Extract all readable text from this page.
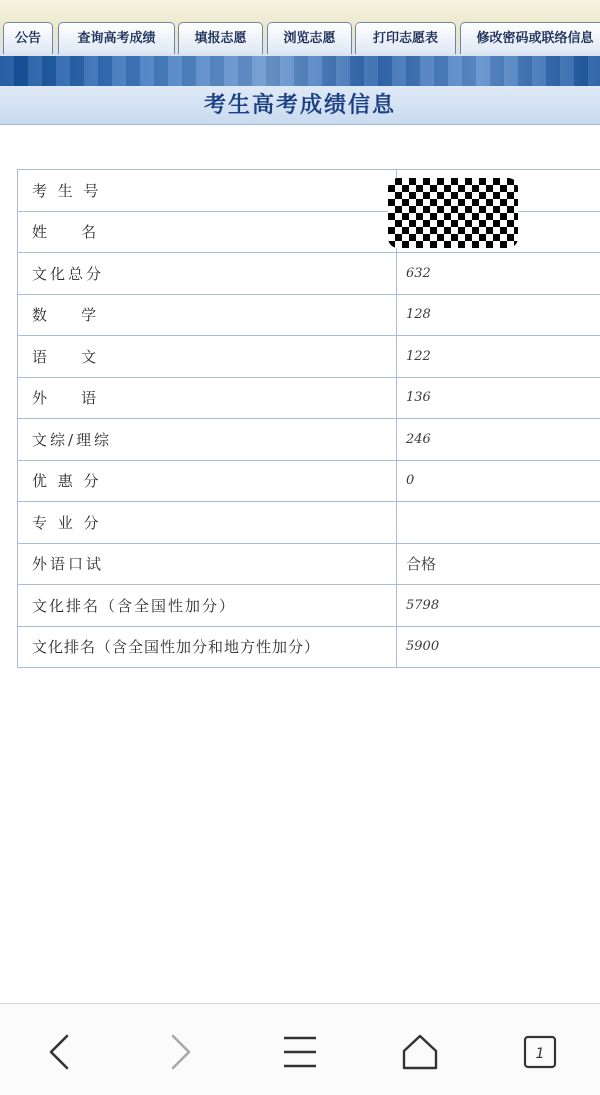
公告	查询高考成绩	填报志愿	浏览志愿	打印志愿表	修改密码或联络信息
考生高考成绩信息
考 生 号	
姓    名	
文化总分	632
数    学	128
语    文	122
外    语	136
文综/理综	246
优 惠 分	0
专 业 分	
外语口试	合格
文化排名（含全国性加分）	5798
文化排名（含全国性加分和地方性加分）	5900
1
